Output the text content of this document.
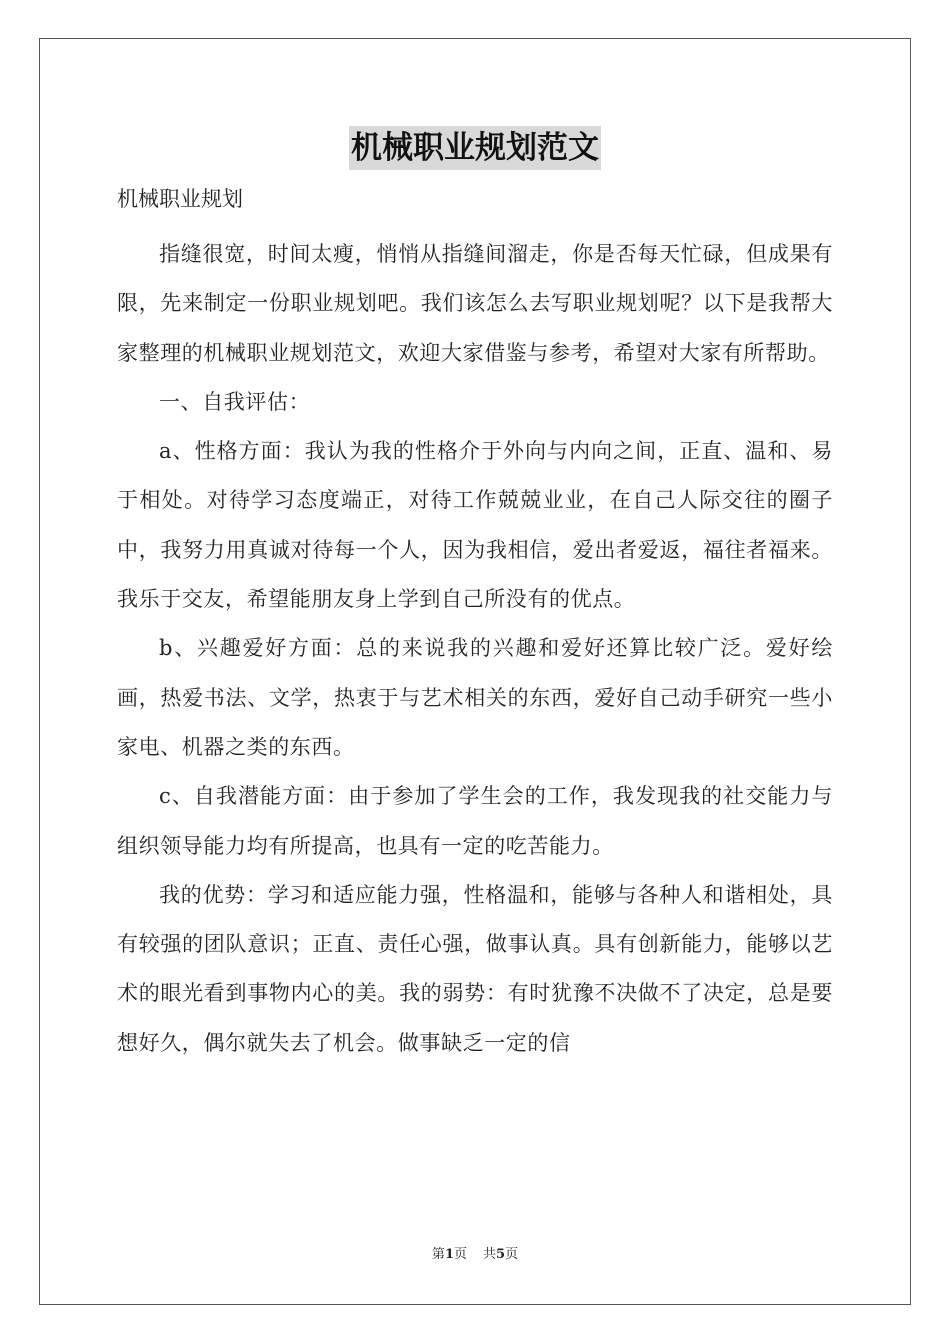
机械职业规划范文
机械职业规划

指缝很宽，时间太瘦，悄悄从指缝间溜走，你是否每天忙碌，但成果有限，先来制定一份职业规划吧。我们该怎么去写职业规划呢？以下是我帮大家整理的机械职业规划范文，欢迎大家借鉴与参考，希望对大家有所帮助。

一、自我评估：

a、性格方面：我认为我的性格介于外向与内向之间，正直、温和、易于相处。对待学习态度端正，对待工作兢兢业业，在自己人际交往的圈子中，我努力用真诚对待每一个人，因为我相信，爱出者爱返，福往者福来。我乐于交友，希望能朋友身上学到自己所没有的优点。

b、兴趣爱好方面：总的来说我的兴趣和爱好还算比较广泛。爱好绘画，热爱书法、文学，热衷于与艺术相关的东西，爱好自己动手研究一些小家电、机器之类的东西。

c、自我潜能方面：由于参加了学生会的工作，我发现我的社交能力与组织领导能力均有所提高，也具有一定的吃苦能力。

我的优势：学习和适应能力强，性格温和，能够与各种人和谐相处，具有较强的团队意识；正直、责任心强，做事认真。具有创新能力，能够以艺术的眼光看到事物内心的美。我的弱势：有时犹豫不决做不了决定，总是要想好久，偶尔就失去了机会。做事缺乏一定的信

第1页 共5页
